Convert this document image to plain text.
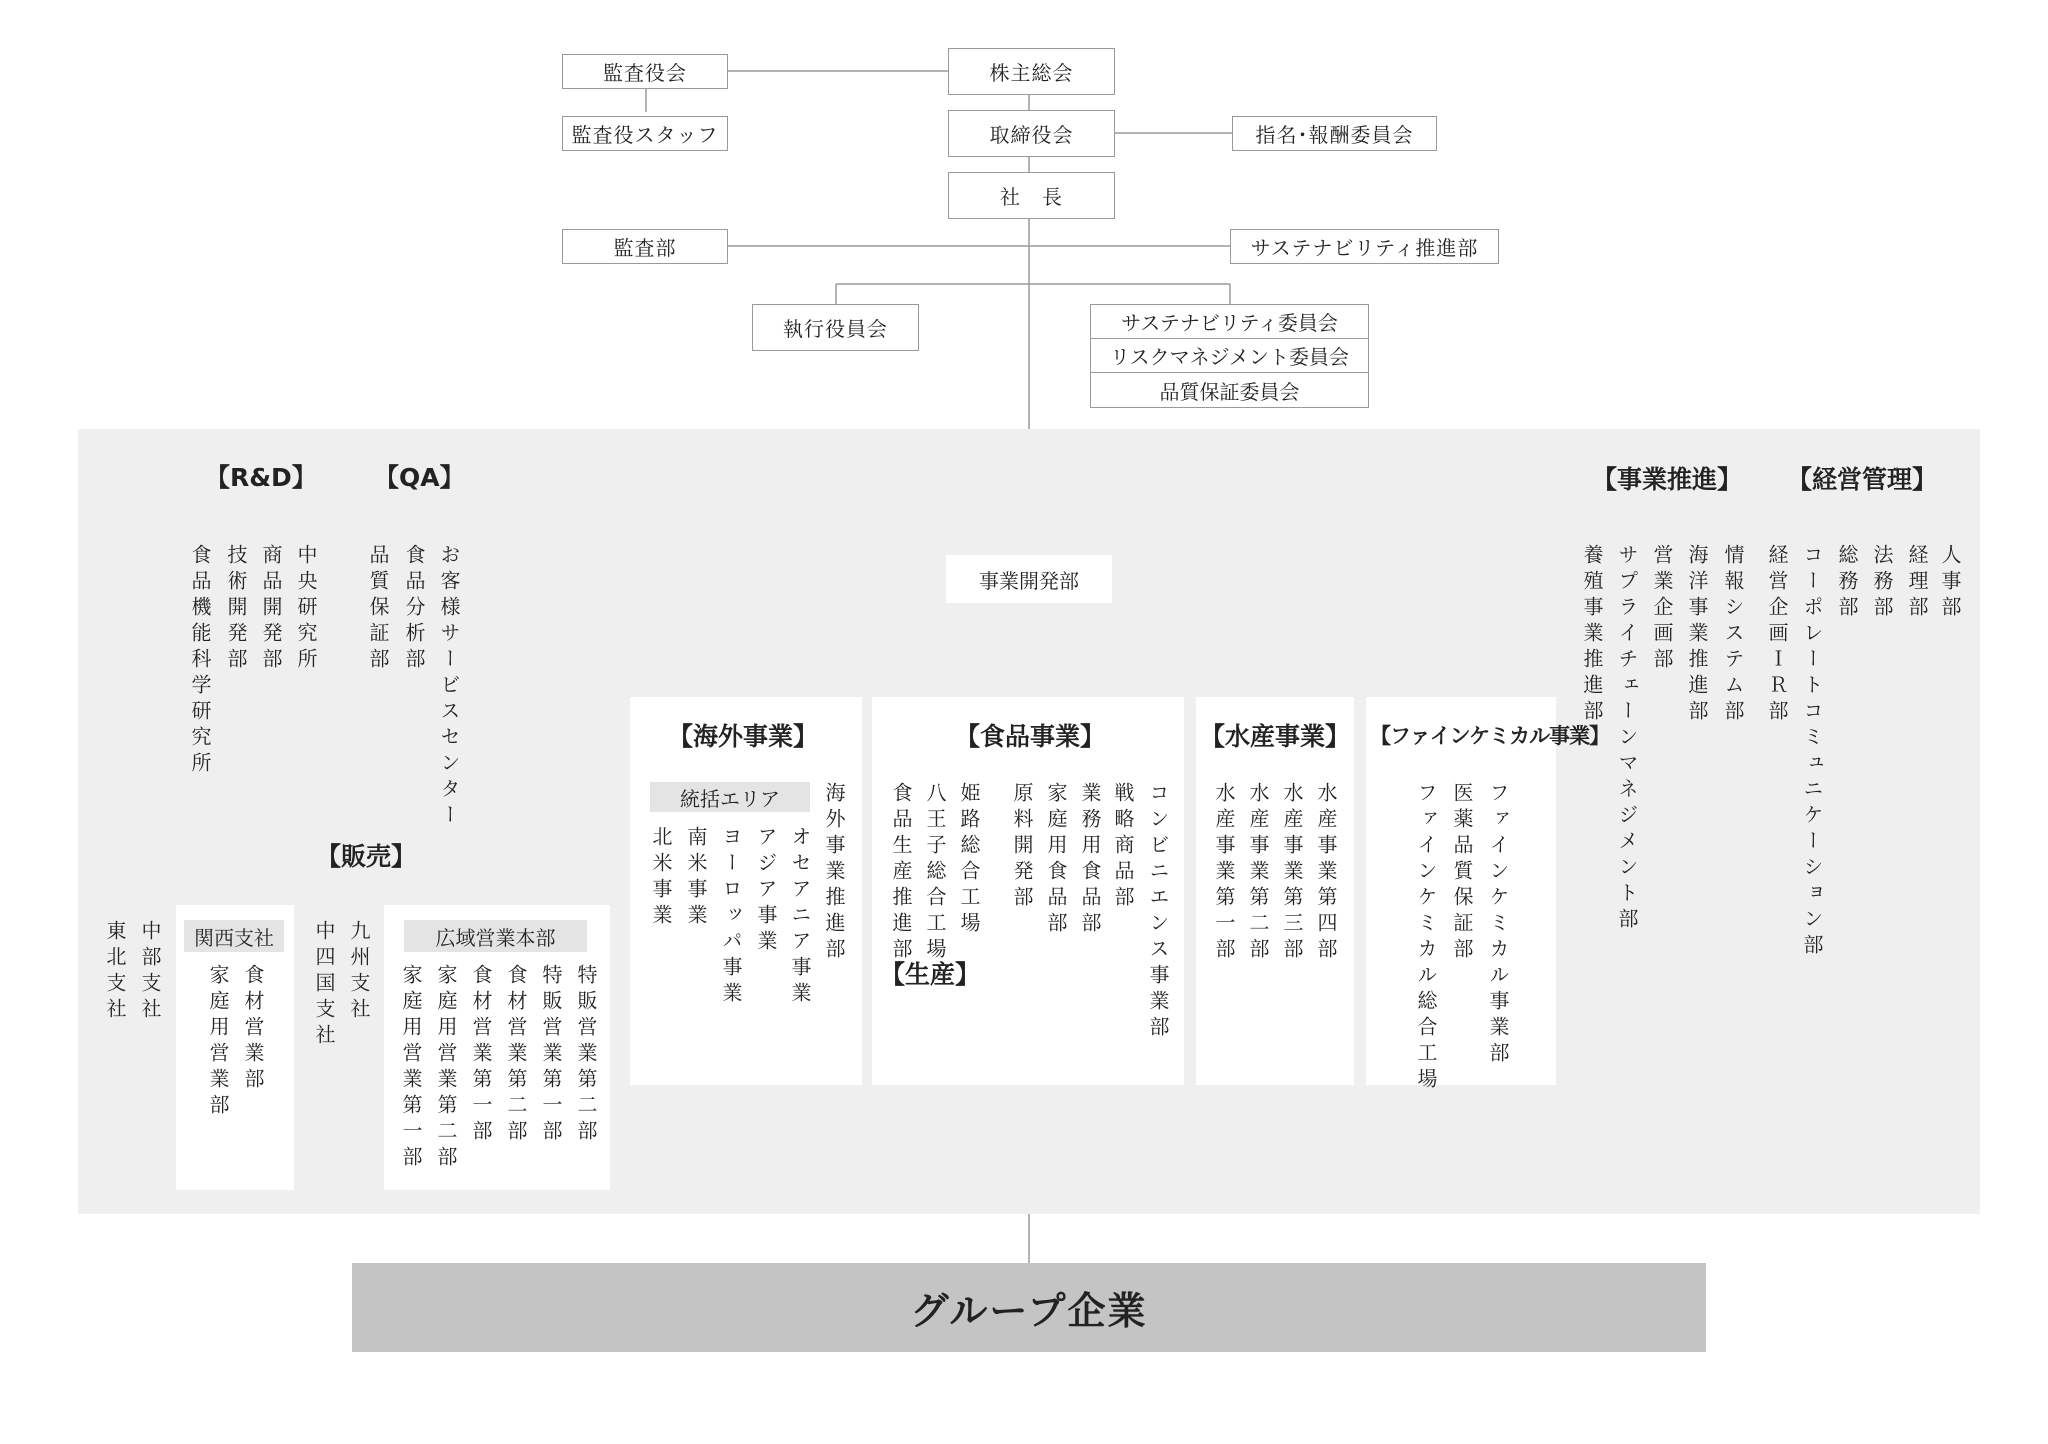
株主総会
取締役会
社　長
監査役会
監査役スタッフ	指名･報酬委員会
監査部	サステナビリティ推進部
執行役員会	サステナビリティ委員会
リスクマネジメント委員会
品質保証委員会
【R&D】
食品機能科学研究所 技術開発部 商品開発部 中央研究所
【QA】
品質保証部 食品分析部 お客様サービスセンター
【事業推進】
養殖事業推進部 サプライチェーンマネジメント部 営業企画部 海洋事業推進部 情報システム部
【経営管理】
経営企画ＩＲ部 コーポレートコミュニケーション部 総務部 法務部 経理部 人事部
事業開発部
【販売】
東北支社 中部支社	関西支社
家庭用営業部 食材営業部 中四国支社 九州支社	広域営業本部
家庭用営業第一部 家庭用営業第二部 食材営業第一部 食材営業第二部 特販営業第一部 特販営業第二部
【海外事業】
統括エリア	海外事業推進部
北米事業 南米事業 ヨーロッパ事業 アジア事業 オセアニア事業
【食品事業】
コンビニエンス事業部
戦略商品部
業務用食品部
家庭用食品部
原料開発部
姫路総合工場
八王子総合工場
食品生産推進部
【生産】
【水産事業】
水産事業第四部
水産事業第三部
水産事業第二部
水産事業第一部
【ファインケミカル事業】
ファインケミカル事業部
医薬品質保証部
ファインケミカル総合工場
グループ企業
